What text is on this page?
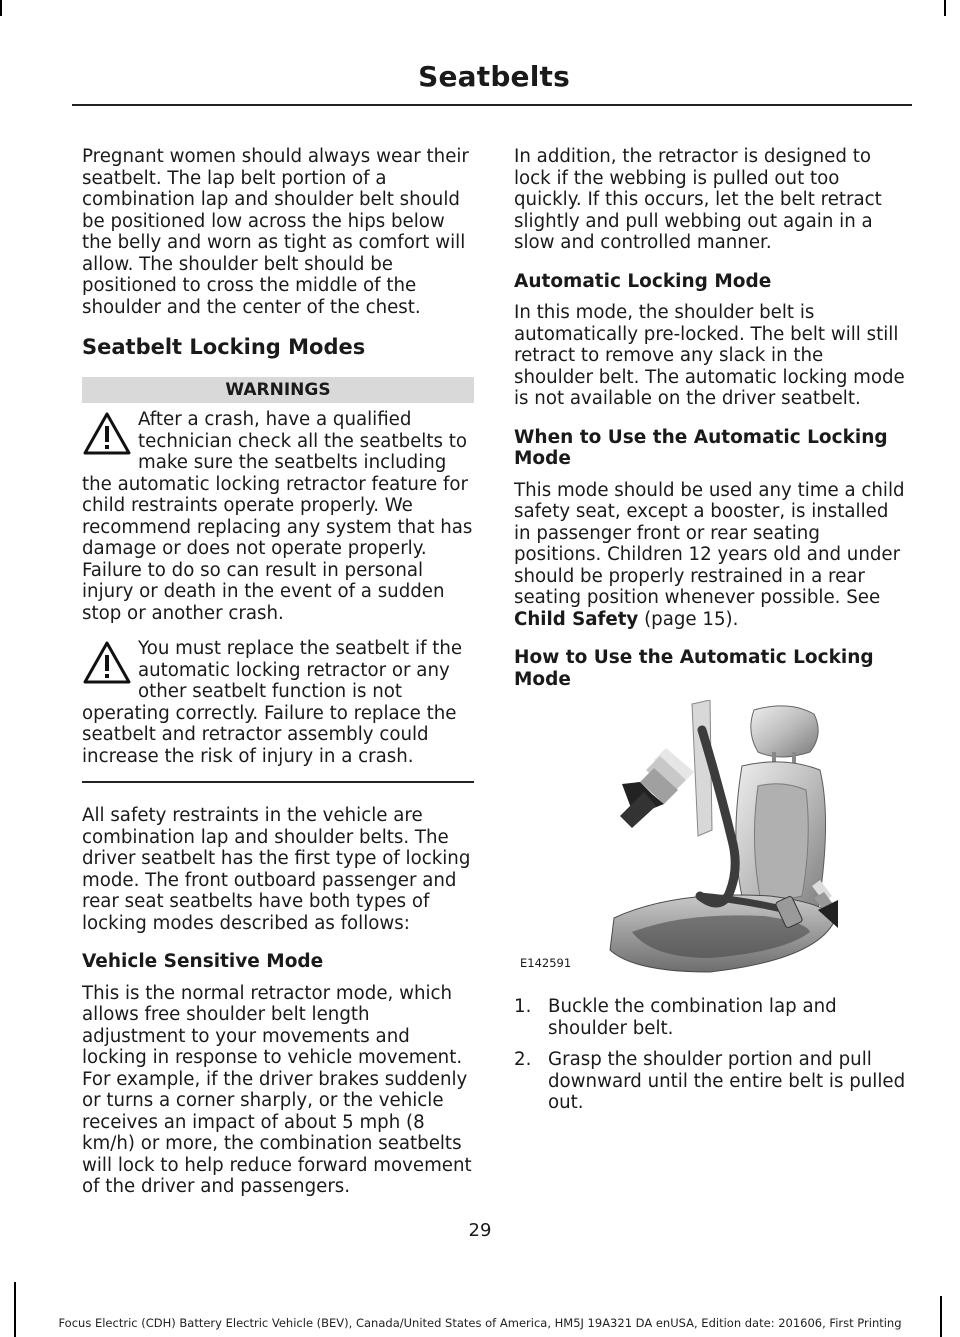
Seatbelts

Pregnant women should always wear their seatbelt. The lap belt portion of a combination lap and shoulder belt should be positioned low across the hips below the belly and worn as tight as comfort will allow. The shoulder belt should be positioned to cross the middle of the shoulder and the center of the chest.

Seatbelt Locking Modes
WARNINGS
After a crash, have a qualified technician check all the seatbelts to make sure the seatbelts including the automatic locking retractor feature for child restraints operate properly. We recommend replacing any system that has damage or does not operate properly. Failure to do so can result in personal injury or death in the event of a sudden stop or another crash.
You must replace the seatbelt if the automatic locking retractor or any other seatbelt function is not operating correctly. Failure to replace the seatbelt and retractor assembly could increase the risk of injury in a crash.

All safety restraints in the vehicle are combination lap and shoulder belts. The driver seatbelt has the first type of locking mode. The front outboard passenger and rear seat seatbelts have both types of locking modes described as follows:

Vehicle Sensitive Mode

This is the normal retractor mode, which allows free shoulder belt length adjustment to your movements and locking in response to vehicle movement. For example, if the driver brakes suddenly or turns a corner sharply, or the vehicle receives an impact of about 5 mph (8 km/h) or more, the combination seatbelts will lock to help reduce forward movement of the driver and passengers.

In addition, the retractor is designed to lock if the webbing is pulled out too quickly. If this occurs, let the belt retract slightly and pull webbing out again in a slow and controlled manner.

Automatic Locking Mode

In this mode, the shoulder belt is automatically pre-locked. The belt will still retract to remove any slack in the shoulder belt. The automatic locking mode is not available on the driver seatbelt.

When to Use the Automatic Locking Mode

This mode should be used any time a child safety seat, except a booster, is installed in passenger front or rear seating positions. Children 12 years old and under should be properly restrained in a rear seating position whenever possible. See Child Safety (page 15).

How to Use the Automatic Locking Mode
E142591
1. Buckle the combination lap and shoulder belt.
2. Grasp the shoulder portion and pull downward until the entire belt is pulled out.
29
Focus Electric (CDH) Battery Electric Vehicle (BEV), Canada/United States of America, HM5J 19A321 DA enUSA, Edition date: 201606, First Printing
